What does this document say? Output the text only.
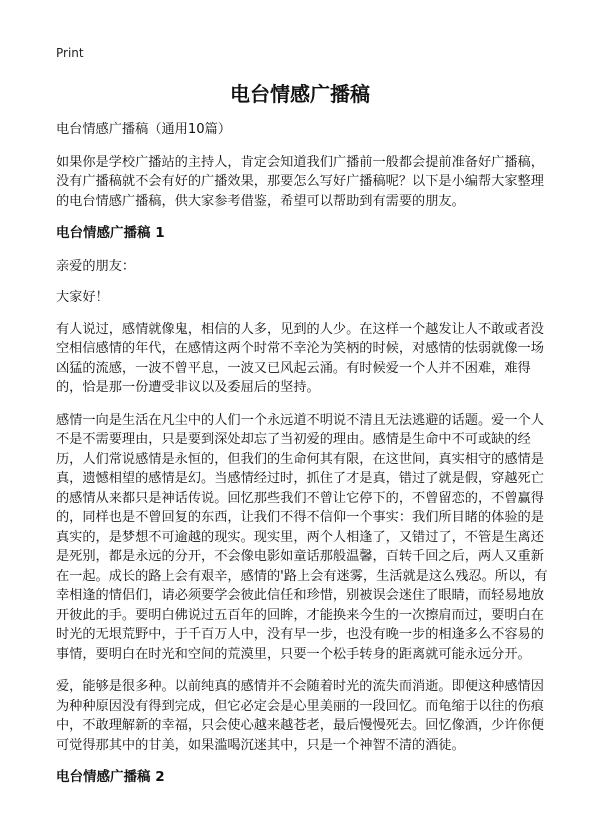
Print
电台情感广播稿

电台情感广播稿（通用10篇）

如果你是学校广播站的主持人，肯定会知道我们广播前一般都会提前准备好广播稿，没有广播稿就不会有好的广播效果，那要怎么写好广播稿呢？以下是小编帮大家整理的电台情感广播稿，供大家参考借鉴，希望可以帮助到有需要的朋友。

电台情感广播稿 1

亲爱的朋友：

大家好！

有人说过，感情就像鬼，相信的人多，见到的人少。在这样一个越发让人不敢或者没空相信感情的年代，在感情这两个时常不幸沦为笑柄的时候，对感情的怯弱就像一场凶猛的流感，一波不曾平息，一波又已风起云涌。有时候爱一个人并不困难，难得的，恰是那一份遭受非议以及委屈后的坚持。

感情一向是生活在凡尘中的人们一个永远道不明说不清且无法逃避的话题。爱一个人不是不需要理由，只是要到深处却忘了当初爱的理由。感情是生命中不可或缺的经历，人们常说感情是永恒的，但我们的生命何其有限，在这世间，真实相守的感情是真，遗憾相望的感情是幻。当感情经过时，抓住了才是真，错过了就是假，穿越死亡的感情从来都只是神话传说。回忆那些我们不曾让它停下的，不曾留恋的，不曾赢得的，同样也是不曾回复的东西，让我们不得不信仰一个事实：我们所目睹的体验的是真实的，是梦想不可逾越的现实。现实里，两个人相逢了，又错过了，不管是生离还是死别，都是永远的分开，不会像电影如童话那般温馨，百转千回之后，两人又重新在一起。成长的路上会有艰辛，感情的'路上会有迷雾，生活就是这么残忍。所以，有幸相逢的情侣们，请必须要学会彼此信任和珍惜，别被误会迷住了眼睛，而轻易地放开彼此的手。要明白佛说过五百年的回眸，才能换来今生的一次擦肩而过，要明白在时光的无垠荒野中，于千百万人中，没有早一步，也没有晚一步的相逢多么不容易的事情，要明白在时光和空间的荒漠里，只要一个松手转身的距离就可能永远分开。

爱，能够是很多种。以前纯真的感情并不会随着时光的流失而消逝。即便这种感情因为种种原因没有得到完成，但它必定会是心里美丽的一段回忆。而龟缩于以往的伤痕中，不敢理解新的幸福，只会使心越来越苍老，最后慢慢死去。回忆像酒，少许你便可觉得那其中的甘美，如果滥喝沉迷其中，只是一个神智不清的酒徒。

电台情感广播稿 2
